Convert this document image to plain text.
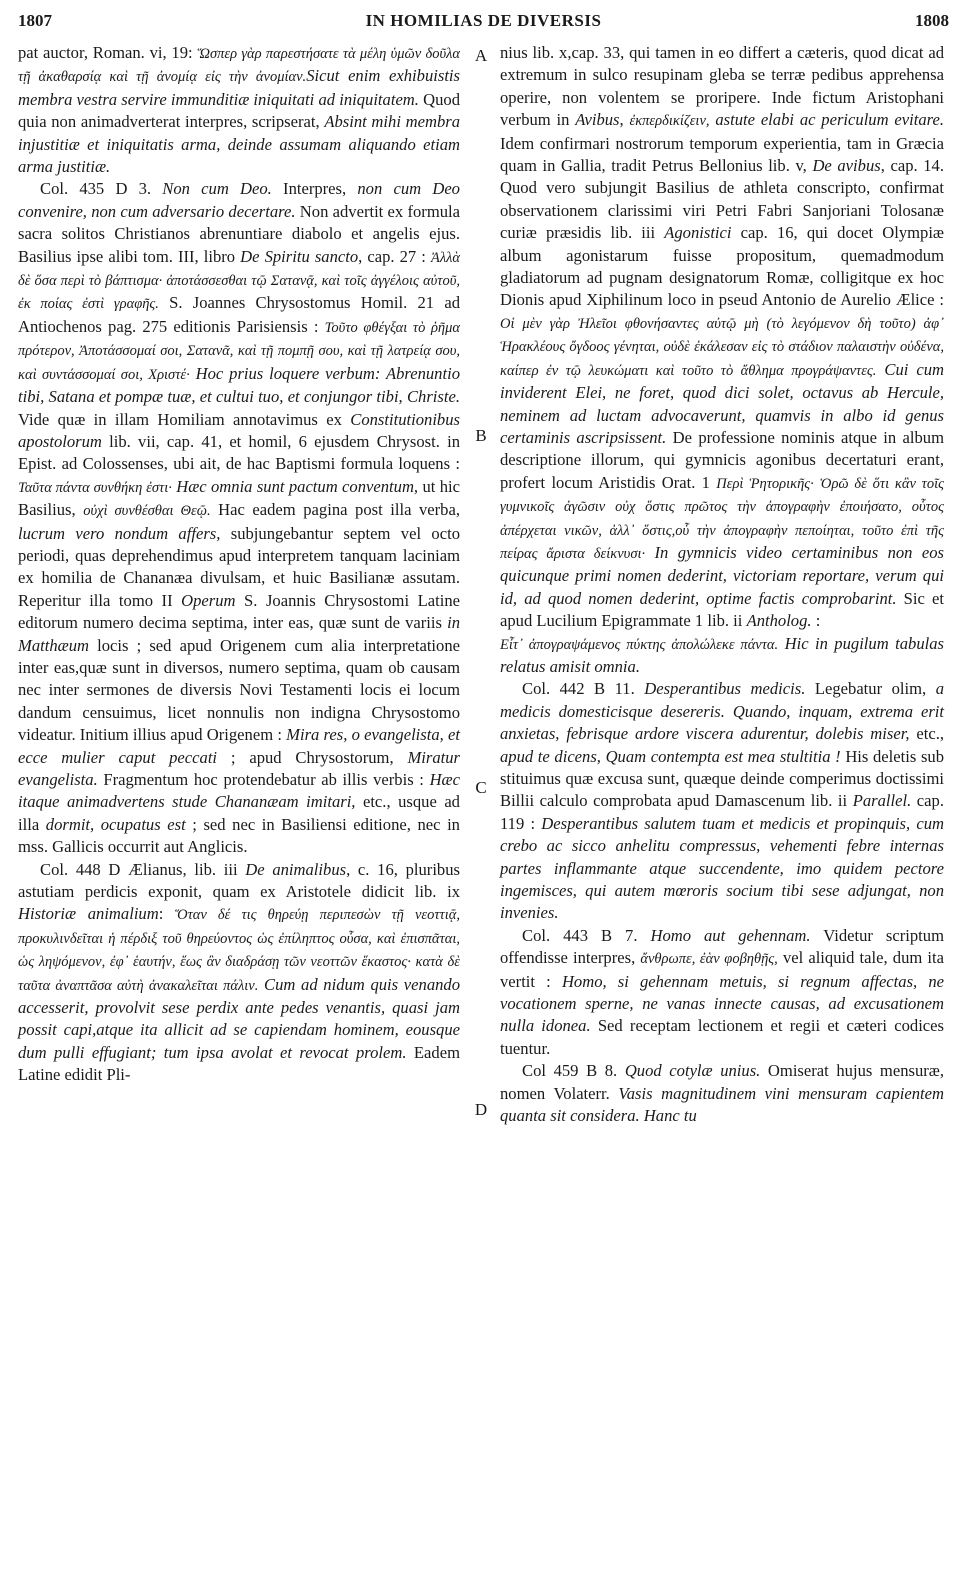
1807	IN HOMILIAS DE DIVERSIS	1808

pat auctor, Roman. vi, 19: Ὥσπερ γὰρ παρεστήσατε τὰ μέλη ὑμῶν δοῦλα τῇ ἀκαθαρσίᾳ καὶ τῇ ἀνομίᾳ εἰς τὴν ἀνομίαν.Sicut enim exhibuistis membra vestra servire immunditiæ iniquitati ad iniquitatem. Quod quia non animadverterat interpres, scripserat, Absint mihi membra injustitiæ et iniquitatis arma, deinde assumam aliquando etiam arma justitiæ.

Col. 435 D 3. Non cum Deo. Interpres, non cum Deo convenire, non cum adversario decertare. Non advertit ex formula sacra solitos Christianos abrenuntiare diabolo et angelis ejus. Basilius ipse alibi tom. III, libro De Spiritu sancto, cap. 27 : Ἀλλὰ δὲ ὅσα περὶ τὸ βάπτισμα· ἀποτάσσεσθαι τῷ Σατανᾷ, καὶ τοῖς ἀγγέλοις αὐτοῦ, ἐκ ποίας ἐστὶ γραφῆς. S. Joannes Chrysostomus Homil. 21 ad Antiochenos pag. 275 editionis Parisiensis : Τοῦτο φθέγξαι τὸ ῥῆμα πρότερον, Ἀποτάσσομαί σοι, Σατανᾶ, καὶ τῇ πομπῇ σου, καὶ τῇ λατρείᾳ σου, καὶ συντάσσομαί σοι, Χριστέ· Hoc prius loquere verbum: Abrenuntio tibi, Satana et pompæ tuæ, et cultui tuo, et conjungor tibi, Christe. Vide quæ in illam Homiliam annotavimus ex Constitutionibus apostolorum lib. vii, cap. 41, et homil, 6 ejusdem Chrysost. in Epist. ad Colossenses, ubi ait, de hac Baptismi formula loquens : Ταῦτα πάντα συνθήκη ἐστι· Hæc omnia sunt pactum conventum, ut hic Basilius, οὐχὶ συνθέσθαι Θεῷ. Hac eadem pagina post illa verba, lucrum vero nondum affers, subjungebantur septem vel octo periodi, quas deprehendimus apud interpretem tanquam laciniam ex homilia de Chananæa divulsam, et huic Basilianæ assutam. Reperitur illa tomo II Operum S. Joannis Chrysostomi Latine editorum numero decima septima, inter eas, quæ sunt de variis in Matthæum locis ; sed apud Origenem cum alia interpretatione inter eas,quæ sunt in diversos, numero septima, quam ob causam nec inter sermones de diversis Novi Testamenti locis ei locum dandum censuimus, licet nonnulis non indigna Chrysostomo videatur. Initium illius apud Origenem : Mira res, o evangelista, et ecce mulier caput peccati ; apud Chrysostorum, Miratur evangelista. Fragmentum hoc protendebatur ab illis verbis : Hæc itaque animadvertens stude Chananæam imitari, etc., usque ad illa dormit, ocupatus est ; sed nec in Basiliensi editione, nec in mss. Gallicis occurrit aut Anglicis.

Col. 448 D Ælianus, lib. iii De animalibus, c. 16, pluribus astutiam perdicis exponit, quam ex Aristotele didicit lib. ix Historiæ animalium: Ὅταν δέ τις θηρεύῃ περιπεσὼν τῇ νεοττιᾷ, προκυλινδεῖται ἡ πέρδιξ τοῦ θηρεύοντος ὡς ἐπίληπτος οὖσα, καὶ ἐπισπᾶται, ὡς ληψόμενον, ἐφ᾽ ἑαυτήν, ἕως ἂν διαδράσῃ τῶν νεοττῶν ἕκαστος· κατὰ δὲ ταῦτα ἀναπτᾶσα αὐτὴ ἀνακαλεῖται πάλιν. Cum ad nidum quis venando accesserit, provolvit sese perdix ante pedes venantis, quasi jam possit capi,atque ita allicit ad se capiendam hominem, eousque dum pulli effugiant; tum ipsa avolat et revocat prolem. Eadem Latine edidit Pli-

A
B
C
D

nius lib. x,cap. 33, qui tamen in eo differt a cæteris, quod dicat ad extremum in sulco resupinam gleba se terræ pedibus apprehensa operire, non volentem se proripere. Inde fictum Aristophani verbum in Avibus, ἐκπερδικίζειν, astute elabi ac periculum evitare. Idem confirmari nostrorum temporum experientia, tam in Græcia quam in Gallia, tradit Petrus Bellonius lib. v, De avibus, cap. 14. Quod vero subjungit Basilius de athleta conscripto, confirmat observationem clarissimi viri Petri Fabri Sanjoriani Tolosanæ curiæ præsidis lib. iii Agonistici cap. 16, qui docet Olympiæ album agonistarum fuisse propositum, quemadmodum gladiatorum ad pugnam designatorum Romæ, colligitque ex hoc Dionis apud Xiphilinum loco in pseud Antonio de Aurelio Ælice : Οἱ μὲν γὰρ Ἠλεῖοι φθονήσαντες αὐτῷ μὴ (τὸ λεγόμενον δὴ τοῦτο) ἀφ᾽ Ἡρακλέους ὄγδοος γένηται, οὐδὲ ἐκάλεσαν εἰς τὸ στάδιον παλαιστὴν οὐδένα, καίπερ ἐν τῷ λευκώματι καὶ τοῦτο τὸ ἄθλημα προγράψαντες. Cui cum inviderent Elei, ne foret, quod dici solet, octavus ab Hercule, neminem ad luctam advocaverunt, quamvis in albo id genus certaminis ascripsissent. De professione nominis atque in album descriptione illorum, qui gymnicis agonibus decertaturi erant, profert locum Aristidis Orat. 1 Περὶ Ῥητορικῆς· Ὁρῶ δὲ ὅτι κἂν τοῖς γυμνικοῖς ἀγῶσιν οὐχ ὅστις πρῶτος τὴν ἀπογραφὴν ἐποιήσατο, οὗτος ἀπέρχεται νικῶν, ἀλλ᾽ ὅστις,οὗ τὴν ἀπογραφὴν πεποίηται, τοῦτο ἐπὶ τῆς πείρας ἄριστα δείκνυσι· In gymnicis video certaminibus non eos quicunque primi nomen dederint, victoriam reportare, verum qui id, ad quod nomen dederint, optime factis comprobarint. Sic et apud Lucilium Epigrammate 1 lib. ii Antholog. :

Εἶτ᾽ ἀπογραψάμενος πύκτης ἀπολώλεκε πάντα. Hic in pugilum tabulas relatus amisit omnia.

Col. 442 B 11. Desperantibus medicis. Legebatur olim, a medicis domesticisque desereris. Quando, inquam, extrema erit anxietas, febrisque ardore viscera adurentur, dolebis miser, etc., apud te dicens, Quam contempta est mea stultitia ! His deletis sub stituimus quæ excusa sunt, quæque deinde comperimus doctissimi Billii calculo comprobata apud Damascenum lib. ii Parallel. cap. 119 : Desperantibus salutem tuam et medicis et propinquis, cum crebo ac sicco anhelitu compressus, vehementi febre internas partes inflammante atque succendente, imo quidem pectore ingemisces, qui autem mœroris socium tibi sese adjungat, non invenies.

Col. 443 B 7. Homo aut gehennam. Videtur scriptum offendisse interpres, ἄνθρωπε, ἐὰν φοβηθῇς, vel aliquid tale, dum ita vertit : Homo, si gehennam metuis, si regnum affectas, ne vocationem sperne, ne vanas innecte causas, ad excusationem nulla idonea. Sed receptam lectionem et regii et cæteri codices tuentur.

Col 459 B 8. Quod cotylæ unius. Omiserat hujus mensuræ, nomen Volaterr. Vasis magnitudinem vini mensuram capientem quanta sit considera. Hanc tu
